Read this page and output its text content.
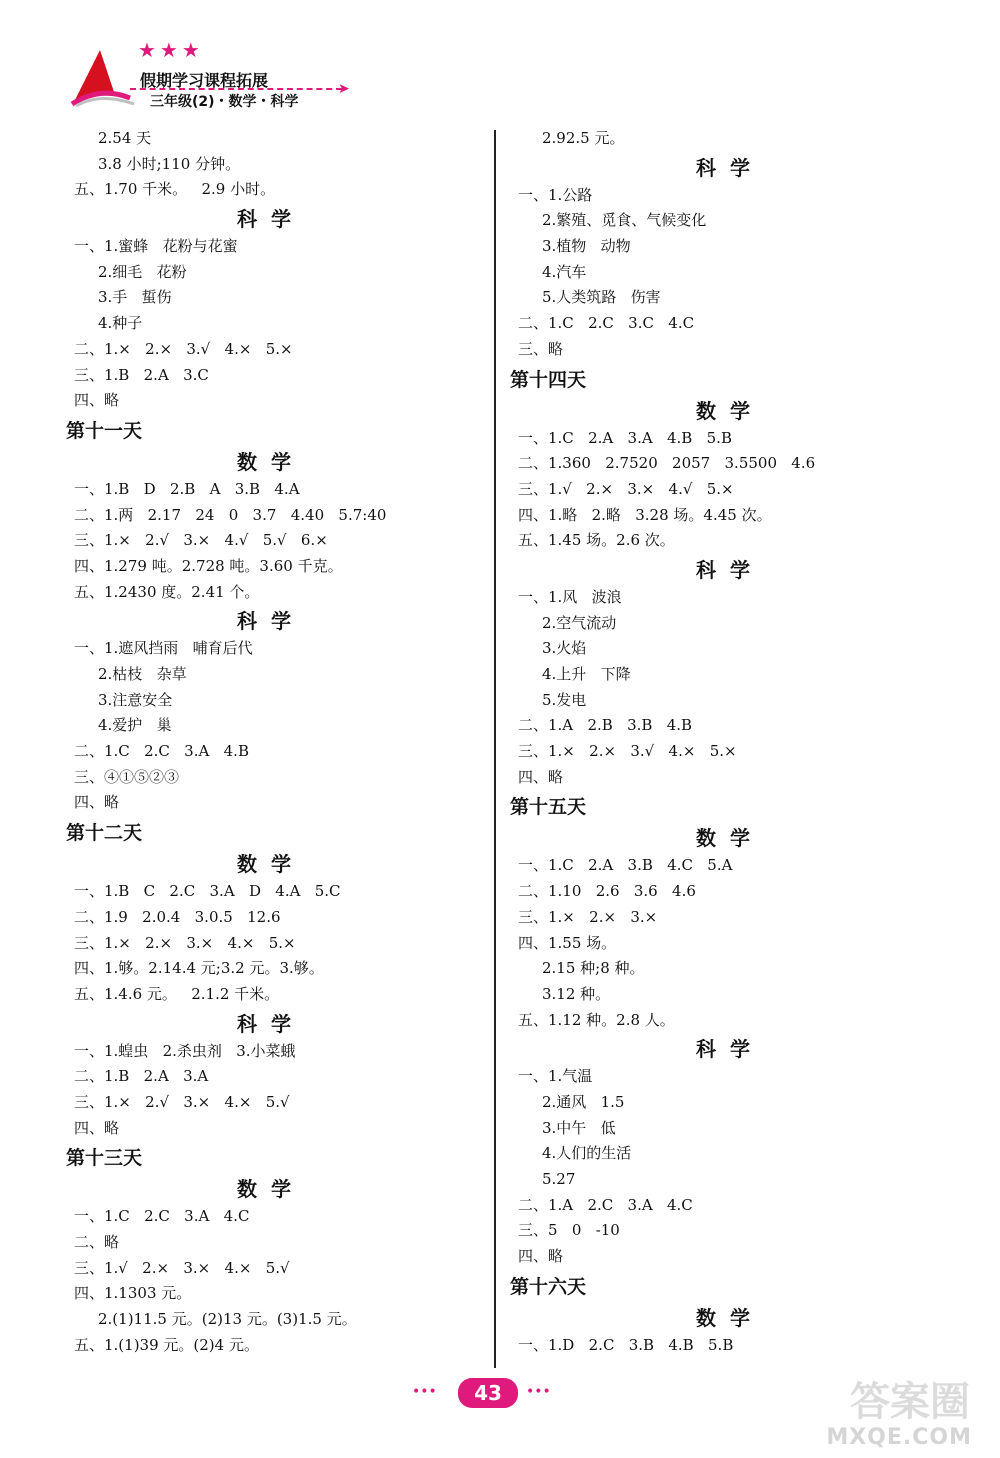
★★★
假期学习课程拓展	➤
三年级(2)・数学・科学
2.54 天
3.8 小时;110 分钟。
五、1.70 千米。   2.9 小时。
科学
一、1.蜜蜂   花粉与花蜜
2.细毛   花粉
3.手   蜇伤
4.种子
二、1.×   2.×   3.√   4.×   5.×
三、1.B   2.A   3.C
四、略
第十一天
数学
一、1.B   D   2.B   A   3.B   4.A
二、1.两   2.17   24   0   3.7   4.40   5.7:40
三、1.×   2.√   3.×   4.√   5.√   6.×
四、1.279 吨。2.728 吨。3.60 千克。
五、1.2430 度。2.41 个。
科学
一、1.遮风挡雨   哺育后代
2.枯枝   杂草
3.注意安全
4.爱护   巢
二、1.C   2.C   3.A   4.B
三、④①⑤②③
四、略
第十二天
数学
一、1.B   C   2.C   3.A   D   4.A   5.C
二、1.9   2.0.4   3.0.5   12.6
三、1.×   2.×   3.×   4.×   5.×
四、1.够。2.14.4 元;3.2 元。3.够。
五、1.4.6 元。   2.1.2 千米。
科学
一、1.蝗虫   2.杀虫剂   3.小菜蛾
二、1.B   2.A   3.A
三、1.×   2.√   3.×   4.×   5.√
四、略
第十三天
数学
一、1.C   2.C   3.A   4.C
二、略
三、1.√   2.×   3.×   4.×   5.√
四、1.1303 元。
2.(1)11.5 元。(2)13 元。(3)1.5 元。
五、1.(1)39 元。(2)4 元。
2.92.5 元。
科学
一、1.公路
2.繁殖、觅食、气候变化
3.植物   动物
4.汽车
5.人类筑路   伤害
二、1.C   2.C   3.C   4.C
三、略
第十四天
数学
一、1.C   2.A   3.A   4.B   5.B
二、1.360   2.7520   2057   3.5500   4.6
三、1.√   2.×   3.×   4.√   5.×
四、1.略   2.略   3.28 场。4.45 次。
五、1.45 场。2.6 次。
科学
一、1.风   波浪
2.空气流动
3.火焰
4.上升   下降
5.发电
二、1.A   2.B   3.B   4.B
三、1.×   2.×   3.√   4.×   5.×
四、略
第十五天
数学
一、1.C   2.A   3.B   4.C   5.A
二、1.10   2.6   3.6   4.6
三、1.×   2.×   3.×
四、1.55 场。
2.15 种;8 种。
3.12 种。
五、1.12 种。2.8 人。
科学
一、1.气温
2.通风   1.5
3.中午   低
4.人们的生活
5.27
二、1.A   2.C   3.A   4.C
三、5   0   -10
四、略
第十六天
数学
一、1.D   2.C   3.B   4.B   5.B
•••	43	•••	答案圈
MXQE.COM
